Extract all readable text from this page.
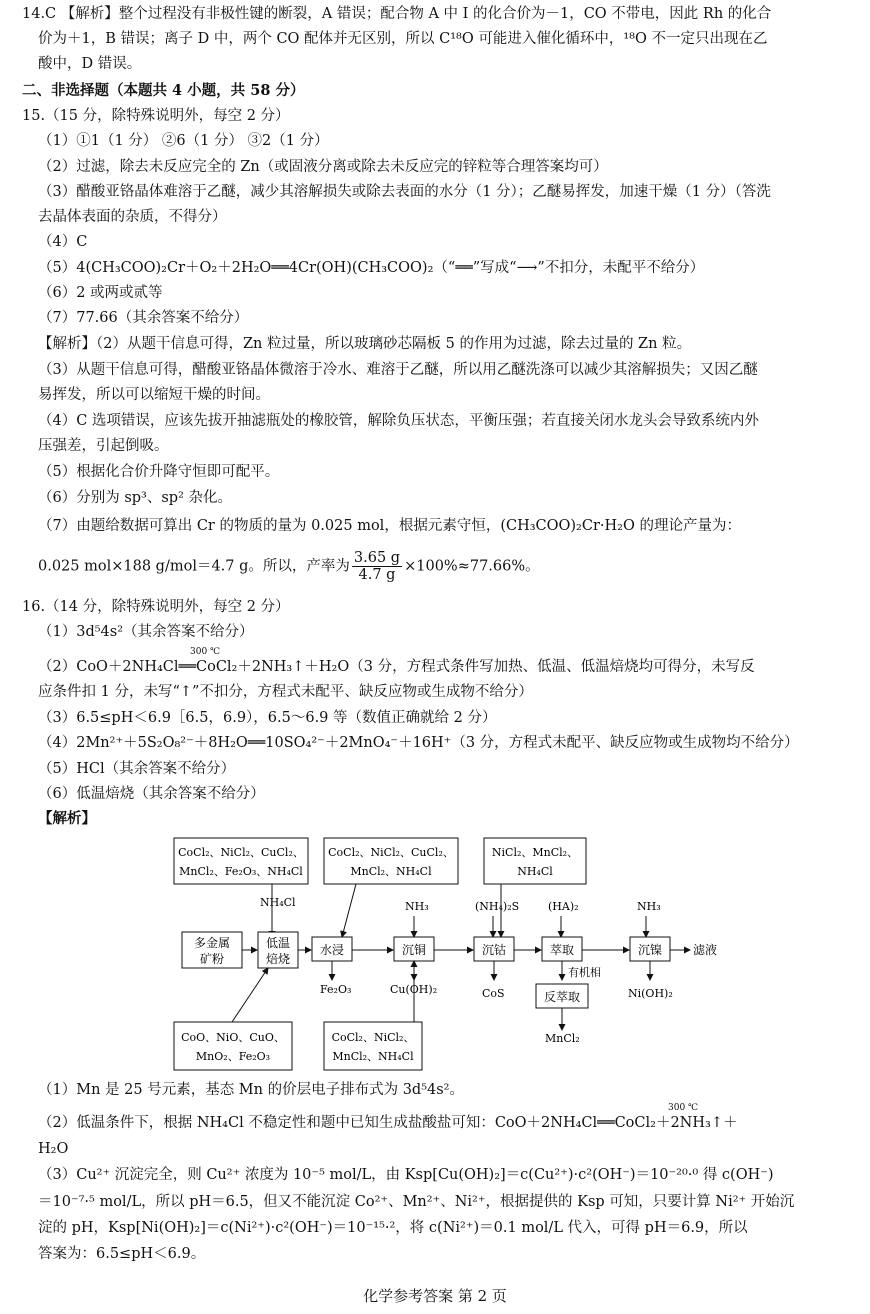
14.C 【解析】整个过程没有非极性键的断裂，A 错误；配合物 A 中 I 的化合价为－1，CO 不带电，因此 Rh 的化合
价为＋1，B 错误；离子 D 中，两个 CO 配体并无区别，所以 C¹⁸O 可能进入催化循环中，¹⁸O 不一定只出现在乙
酸中，D 错误。
二、非选择题（本题共 4 小题，共 58 分）
15.（15 分，除特殊说明外，每空 2 分）
（1）①1（1 分） ②6（1 分） ③2（1 分）
（2）过滤，除去未反应完全的 Zn（或固液分离或除去未反应完的锌粒等合理答案均可）
（3）醋酸亚铬晶体难溶于乙醚，减少其溶解损失或除去表面的水分（1 分）；乙醚易挥发，加速干燥（1 分）（答洗
去晶体表面的杂质，不得分）
（4）C
（5）4(CH₃COO)₂Cr＋O₂＋2H₂O══4Cr(OH)(CH₃COO)₂（“══”写成“⟶”不扣分，未配平不给分）
（6）2 或两或贰等
（7）77.66（其余答案不给分）
【解析】（2）从题干信息可得，Zn 粒过量，所以玻璃砂芯隔板 5 的作用为过滤，除去过量的 Zn 粒。
（3）从题干信息可得，醋酸亚铬晶体微溶于冷水、难溶于乙醚，所以用乙醚洗涤可以减少其溶解损失；又因乙醚
易挥发，所以可以缩短干燥的时间。
（4）C 选项错误，应该先拔开抽滤瓶处的橡胶管，解除负压状态，平衡压强；若直接关闭水龙头会导致系统内外
压强差，引起倒吸。
（5）根据化合价升降守恒即可配平。
（6）分别为 sp³、sp² 杂化。
（7）由题给数据可算出 Cr 的物质的量为 0.025 mol，根据元素守恒，(CH₃COO)₂Cr·H₂O 的理论产量为：
0.025 mol×188 g/mol＝4.7 g。所以，产率为 $\frac{3.65 g}{4.7 g} \times 100\%\approx 77.66\%$。
16.（14 分，除特殊说明外，每空 2 分）
（1）3d⁵4s²（其余答案不给分）
300 ℃
（2）CoO＋2NH₄Cl══CoCl₂＋2NH₃↑＋H₂O（3 分，方程式条件写加热、低温、低温焙烧均可得分，未写反
应条件扣 1 分，未写“↑”不扣分，方程式未配平、缺反应物或生成物不给分）
（3）6.5≤pH＜6.9［6.5，6.9），6.5～6.9 等（数值正确就给 2 分）
（4）2Mn²⁺＋5S₂O₈²⁻＋8H₂O══10SO₄²⁻＋2MnO₄⁻＋16H⁺（3 分，方程式未配平、缺反应物或生成物均不给分）
（5）HCl（其余答案不给分）
（6）低温焙烧（其余答案不给分）
【解析】
CoCl₂、NiCl₂、CuCl₂、
MnCl₂、Fe₂O₃、NH₄Cl
CoCl₂、NiCl₂、CuCl₂、
MnCl₂、NH₄Cl
NiCl₂、MnCl₂、
NH₄Cl
NH₄Cl	NH₃	(NH₄)₂S	(HA)₂	NH₃
多金属
矿粉
低温
焙烧
水浸	沉铜	沉钴	萃取	沉镍	滤液
Fe₂O₃	Cu(OH)₂	CoS
有机相
Ni(OH)₂
反萃取
MnCl₂
CoO、NiO、CuO、
MnO₂、Fe₂O₃
CoCl₂、NiCl₂、
MnCl₂、NH₄Cl
（1）Mn 是 25 号元素，基态 Mn 的价层电子排布式为 3d⁵4s²。
300 ℃
（2）低温条件下，根据 NH₄Cl 不稳定性和题中已知生成盐酸盐可知：CoO＋2NH₄Cl══CoCl₂＋2NH₃↑＋
H₂O
（3）Cu²⁺ 沉淀完全，则 Cu²⁺ 浓度为 10⁻⁵ mol/L，由 Ksp[Cu(OH)₂]＝c(Cu²⁺)·c²(OH⁻)＝10⁻²⁰·⁰ 得 c(OH⁻)
＝10⁻⁷·⁵ mol/L，所以 pH＝6.5，但又不能沉淀 Co²⁺、Mn²⁺、Ni²⁺，根据提供的 Ksp 可知，只要计算 Ni²⁺ 开始沉
淀的 pH，Ksp[Ni(OH)₂]＝c(Ni²⁺)·c²(OH⁻)＝10⁻¹⁵·²，将 c(Ni²⁺)＝0.1 mol/L 代入，可得 pH＝6.9，所以
答案为：6.5≤pH＜6.9。
化学参考答案 第 2 页
